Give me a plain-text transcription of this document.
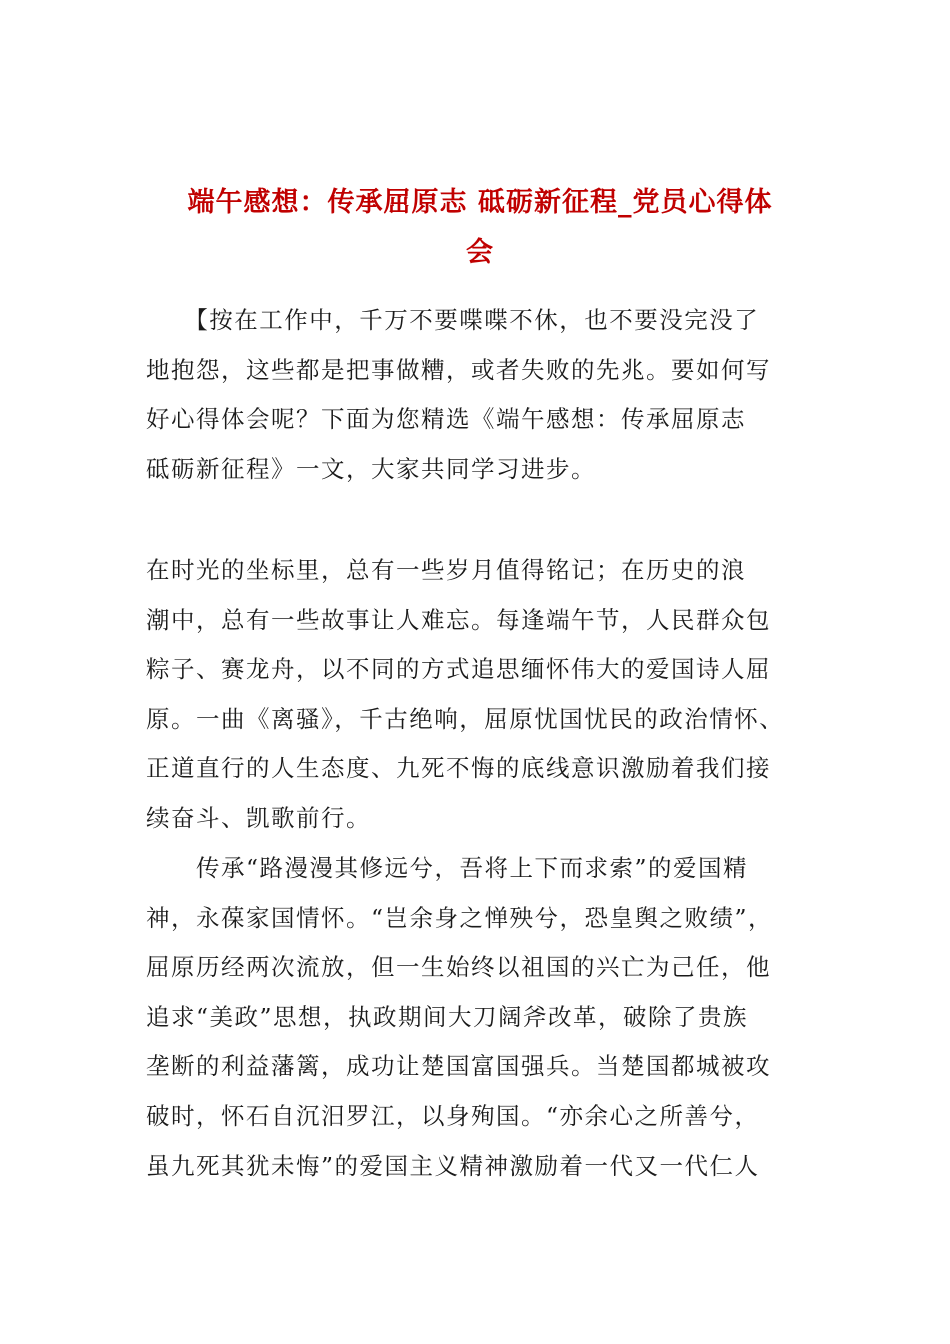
端午感想：传承屈原志 砥砺新征程_党员心得体
会
　　【按在工作中，千万不要喋喋不休，也不要没完没了
地抱怨，这些都是把事做糟，或者失败的先兆。要如何写
好心得体会呢？下面为您精选《端午感想：传承屈原志
砥砺新征程》一文，大家共同学习进步。
在时光的坐标里，总有一些岁月值得铭记；在历史的浪
潮中，总有一些故事让人难忘。每逢端午节，人民群众包
粽子、赛龙舟，以不同的方式追思缅怀伟大的爱国诗人屈
原。一曲《离骚》，千古绝响，屈原忧国忧民的政治情怀、
正道直行的人生态度、九死不悔的底线意识激励着我们接
续奋斗、凯歌前行。
　　传承“路漫漫其修远兮，吾将上下而求索”的爱国精
神，永葆家国情怀。“岂余身之惮殃兮，恐皇舆之败绩”，
屈原历经两次流放，但一生始终以祖国的兴亡为己任，他
追求“美政”思想，执政期间大刀阔斧改革，破除了贵族
垄断的利益藩篱，成功让楚国富国强兵。当楚国都城被攻
破时，怀石自沉汨罗江，以身殉国。“亦余心之所善兮，
虽九死其犹未悔”的爱国主义精神激励着一代又一代仁人
